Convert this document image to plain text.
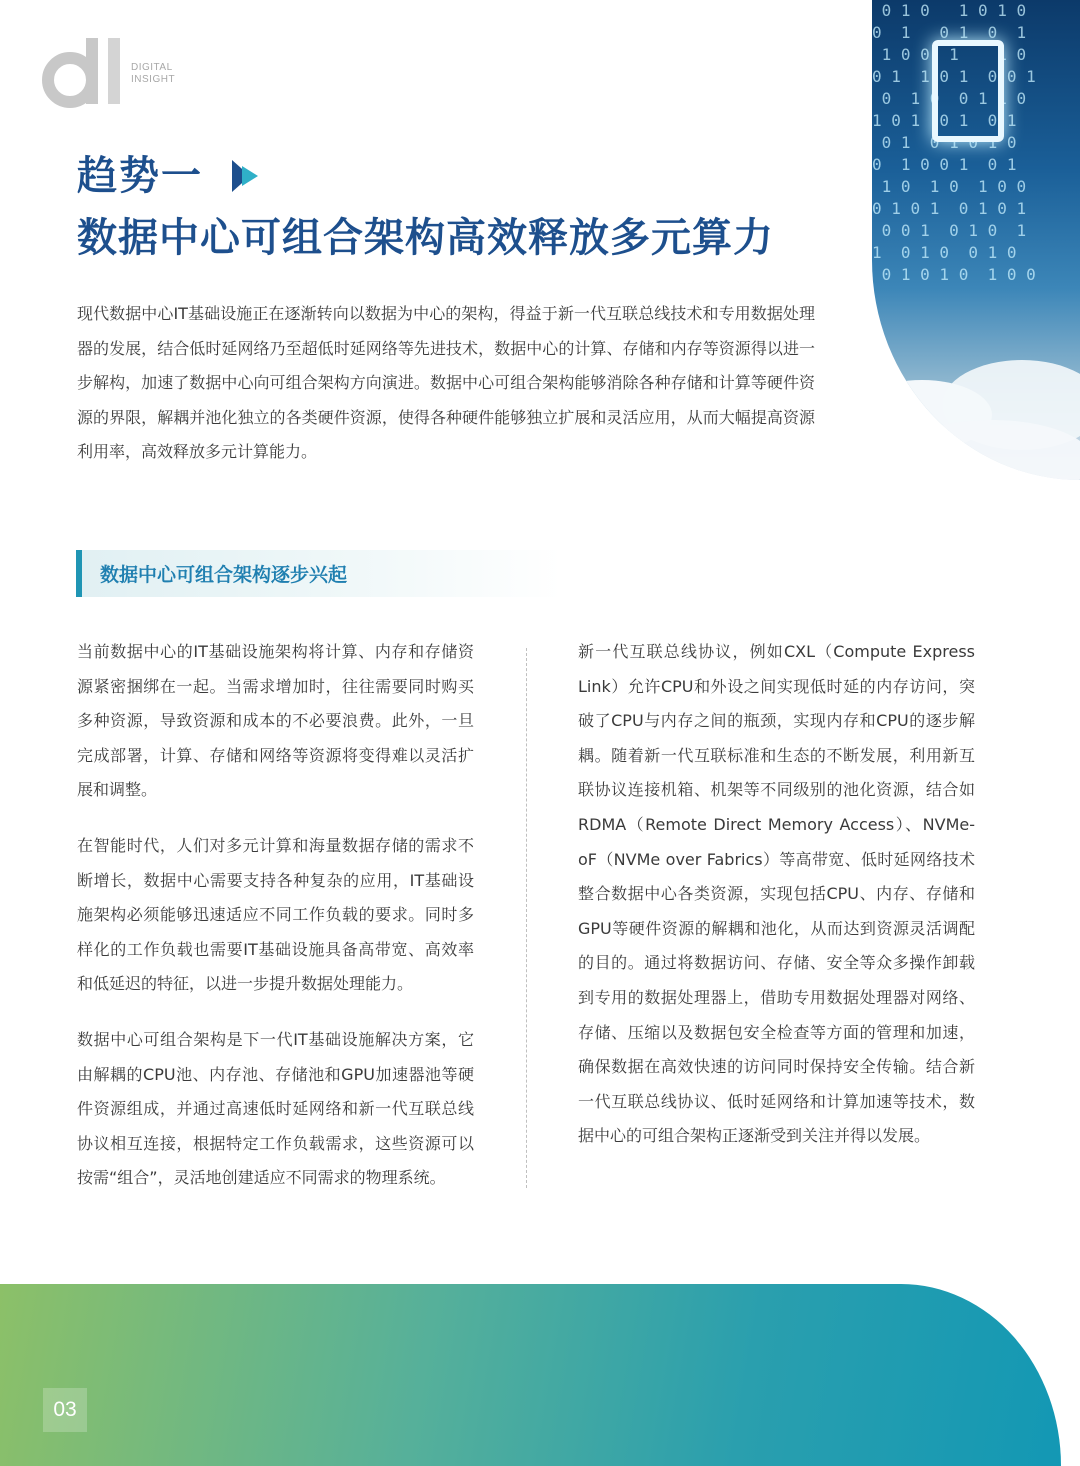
DIGITAL
INSIGHT
0 1 0   1 0 1 0
0  1   0 1  0  1
1 0 0  1    1 0
0 1  1 0 1  0 0 1
0  1 0  0 1 1 0
1 0 1  0 1  0 1
0 1  0 1 0 1 0
0  1 0 0 1  0 1
1 0  1 0  1 0 0
0 1 0 1  0 1 0 1
0 0 1  0 1 0  1
1  0 1 0  0 1 0
0 1 0 1 0  1 0 0
趋势一
数据中心可组合架构高效释放多元算力
现代数据中心IT基础设施正在逐渐转向以数据为中心的架构，得益于新一代互联总线技术和专用数据处理器的发展，结合低时延网络乃至超低时延网络等先进技术，数据中心的计算、存储和内存等资源得以进一步解构，加速了数据中心向可组合架构方向演进。数据中心可组合架构能够消除各种存储和计算等硬件资源的界限，解耦并池化独立的各类硬件资源，使得各种硬件能够独立扩展和灵活应用，从而大幅提高资源利用率，高效释放多元计算能力。
数据中心可组合架构逐步兴起

当前数据中心的IT基础设施架构将计算、内存和存储资源紧密捆绑在一起。当需求增加时，往往需要同时购买多种资源，导致资源和成本的不必要浪费。此外，一旦完成部署，计算、存储和网络等资源将变得难以灵活扩展和调整。

在智能时代，人们对多元计算和海量数据存储的需求不断增长，数据中心需要支持各种复杂的应用，IT基础设施架构必须能够迅速适应不同工作负载的要求。同时多样化的工作负载也需要IT基础设施具备高带宽、高效率和低延迟的特征，以进一步提升数据处理能力。

数据中心可组合架构是下一代IT基础设施解决方案，它由解耦的CPU池、内存池、存储池和GPU加速器池等硬件资源组成，并通过高速低时延网络和新一代互联总线协议相互连接，根据特定工作负载需求，这些资源可以按需“组合”，灵活地创建适应不同需求的物理系统。

新一代互联总线协议，例如CXL（Compute Express Link）允许CPU和外设之间实现低时延的内存访问，突破了CPU与内存之间的瓶颈，实现内存和CPU的逐步解耦。随着新一代互联标准和生态的不断发展，利用新互联协议连接机箱、机架等不同级别的池化资源，结合如RDMA（Remote Direct Memory Access）、NVMe-oF（NVMe over Fabrics）等高带宽、低时延网络技术整合数据中心各类资源，实现包括CPU、内存、存储和GPU等硬件资源的解耦和池化，从而达到资源灵活调配的目的。通过将数据访问、存储、安全等众多操作卸载到专用的数据处理器上，借助专用数据处理器对网络、存储、压缩以及数据包安全检查等方面的管理和加速，确保数据在高效快速的访问同时保持安全传输。结合新一代互联总线协议、低时延网络和计算加速等技术，数据中心的可组合架构正逐渐受到关注并得以发展。

03
